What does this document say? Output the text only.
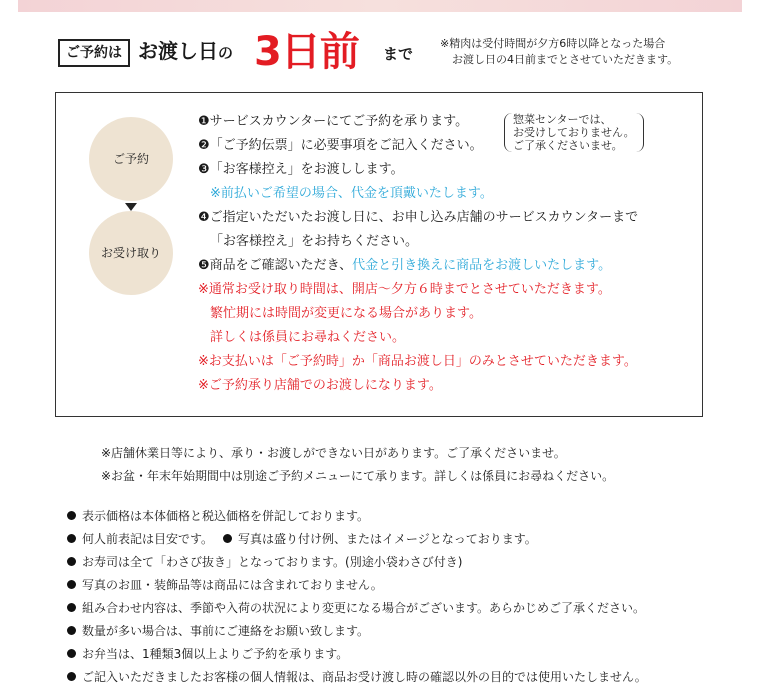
ご予約は お渡し日の 3日前 まで
※精肉は受付時間が夕方6時以降となった場合
お渡し日の4日前までとさせていただきます。
ご予約
お受け取り
惣菜センターでは、
お受けしておりません。
ご了承くださいませ。
❶サービスカウンターにてご予約を承ります。
❷「ご予約伝票」に必要事項をご記入ください。
❸「お客様控え」をお渡しします。
※前払いご希望の場合、代金を頂戴いたします。
❹ご指定いただいたお渡し日に、お申し込み店舗のサービスカウンターまで
「お客様控え」をお持ちください。
❺商品をご確認いただき、代金と引き換えに商品をお渡しいたします。
※通常お受け取り時間は、開店～夕方６時までとさせていただきます。
繁忙期には時間が変更になる場合があります。
詳しくは係員にお尋ねください。
※お支払いは「ご予約時」か「商品お渡し日」のみとさせていただきます。
※ご予約承り店舗でのお渡しになります。
※店舗休業日等により、承り・お渡しができない日があります。ご了承くださいませ。
※お盆・年末年始期間中は別途ご予約メニューにて承ります。詳しくは係員にお尋ねください。
表示価格は本体価格と税込価格を併記しております。
何人前表記は目安です。 写真は盛り付け例、またはイメージとなっております。
お寿司は全て「わさび抜き」となっております。(別途小袋わさび付き)
写真のお皿・装飾品等は商品には含まれておりません。
組み合わせ内容は、季節や入荷の状況により変更になる場合がございます。あらかじめご了承ください。
数量が多い場合は、事前にご連絡をお願い致します。
お弁当は、1種類3個以上よりご予約を承ります。
ご記入いただきましたお客様の個人情報は、商品お受け渡し時の確認以外の目的では使用いたしません。
